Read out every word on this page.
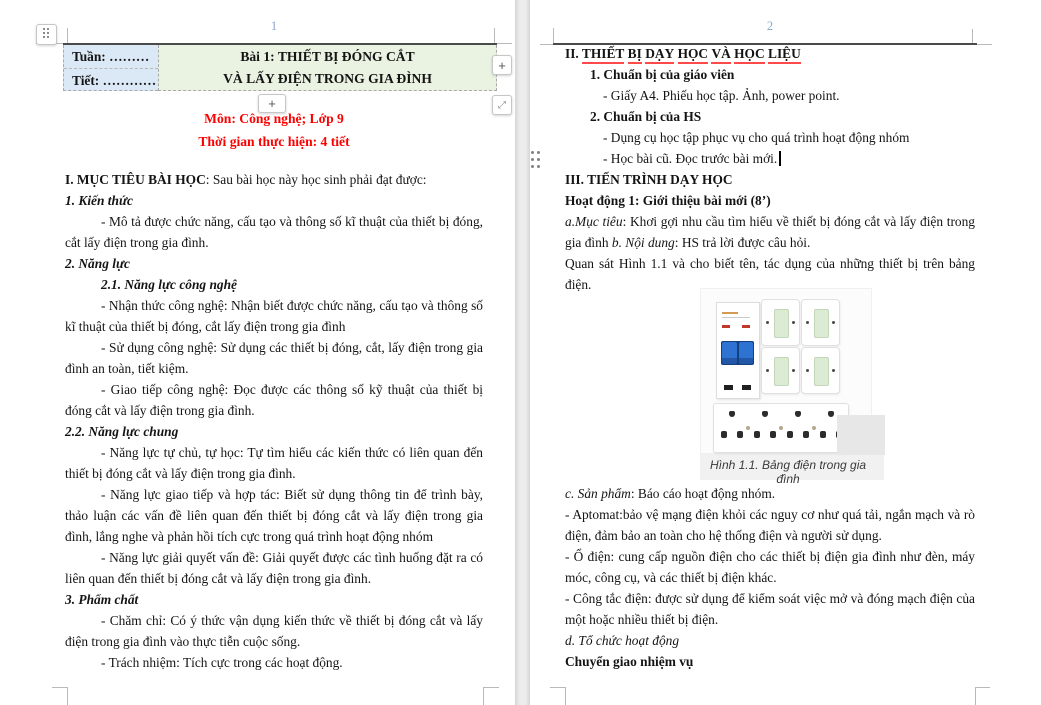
1
Tuần: ………
Tiết: …………
Bài 1: THIẾT BỊ ĐÓNG CẮT
VÀ LẤY ĐIỆN TRONG GIA ĐÌNH
+
+	⤢
Môn: Công nghệ; Lớp 9
Thời gian thực hiện: 4 tiết
I. MỤC TIÊU BÀI HỌC: Sau bài học này học sinh phải đạt được:
1. Kiến thức
- Mô tả được chức năng, cấu tạo và thông số kĩ thuật của thiết bị đóng, cắt lấy điện trong gia đình.
2. Năng lực
2.1. Năng lực công nghệ
- Nhận thức công nghệ: Nhận biết được chức năng, cấu tạo và thông số kĩ thuật của thiết bị đóng, cắt lấy điện trong gia đình
- Sử dụng công nghệ: Sử dụng các thiết bị đóng, cắt, lấy điện trong gia đình an toàn, tiết kiệm.
- Giao tiếp công nghệ: Đọc được các thông số kỹ thuật của thiết bị đóng cắt và lấy điện trong gia đình.
2.2. Năng lực chung
- Năng lực tự chủ, tự học: Tự tìm hiểu các kiến thức có liên quan đến thiết bị đóng cắt và lấy điện trong gia đình.
- Năng lực giao tiếp và hợp tác: Biết sử dụng thông tin để trình bày, thảo luận các vấn đề liên quan đến thiết bị đóng cắt và lấy điện trong gia đình, lắng nghe và phản hồi tích cực trong quá trình hoạt động nhóm
- Năng lực giải quyết vấn đề: Giải quyết được các tình huống đặt ra có liên quan đến thiết bị đóng cắt và lấy điện trong gia đình.
3. Phẩm chất
- Chăm chỉ: Có ý thức vận dụng kiến thức về thiết bị đóng cắt và lấy điện trong gia đình vào thực tiễn cuộc sống.
- Trách nhiệm: Tích cực trong các hoạt động.
2
II. THIẾT BỊ DẠY HỌC VÀ HỌC LIỆU
1. Chuẩn bị của giáo viên
- Giấy A4. Phiếu học tập. Ảnh, power point.
2. Chuẩn bị của HS
- Dụng cụ học tập phục vụ cho quá trình hoạt động nhóm
- Học bài cũ. Đọc trước bài mới.
III. TIẾN TRÌNH DẠY HỌC
Hoạt động 1: Giới thiệu bài mới (8’)
a.Mục tiêu: Khơi gợi nhu cầu tìm hiểu về thiết bị đóng cắt và lấy điện trong gia đình b. Nội dung: HS trả lời được câu hỏi.
Quan sát Hình 1.1 và cho biết tên, tác dụng của những thiết bị trên bảng điện.
Hình 1.1. Bảng điện trong gia đình
c. Sản phẩm: Báo cáo hoạt động nhóm.
- Aptomat:bảo vệ mạng điện khỏi các nguy cơ như quá tải, ngắn mạch và rò điện, đảm bảo an toàn cho hệ thống điện và người sử dụng.
- Ổ điện: cung cấp nguồn điện cho các thiết bị điện gia đình như đèn, máy móc, công cụ, và các thiết bị điện khác.
- Công tắc điện: được sử dụng để kiểm soát việc mở và đóng mạch điện của một hoặc nhiều thiết bị điện.
d. Tổ chức hoạt động
Chuyển giao nhiệm vụ
